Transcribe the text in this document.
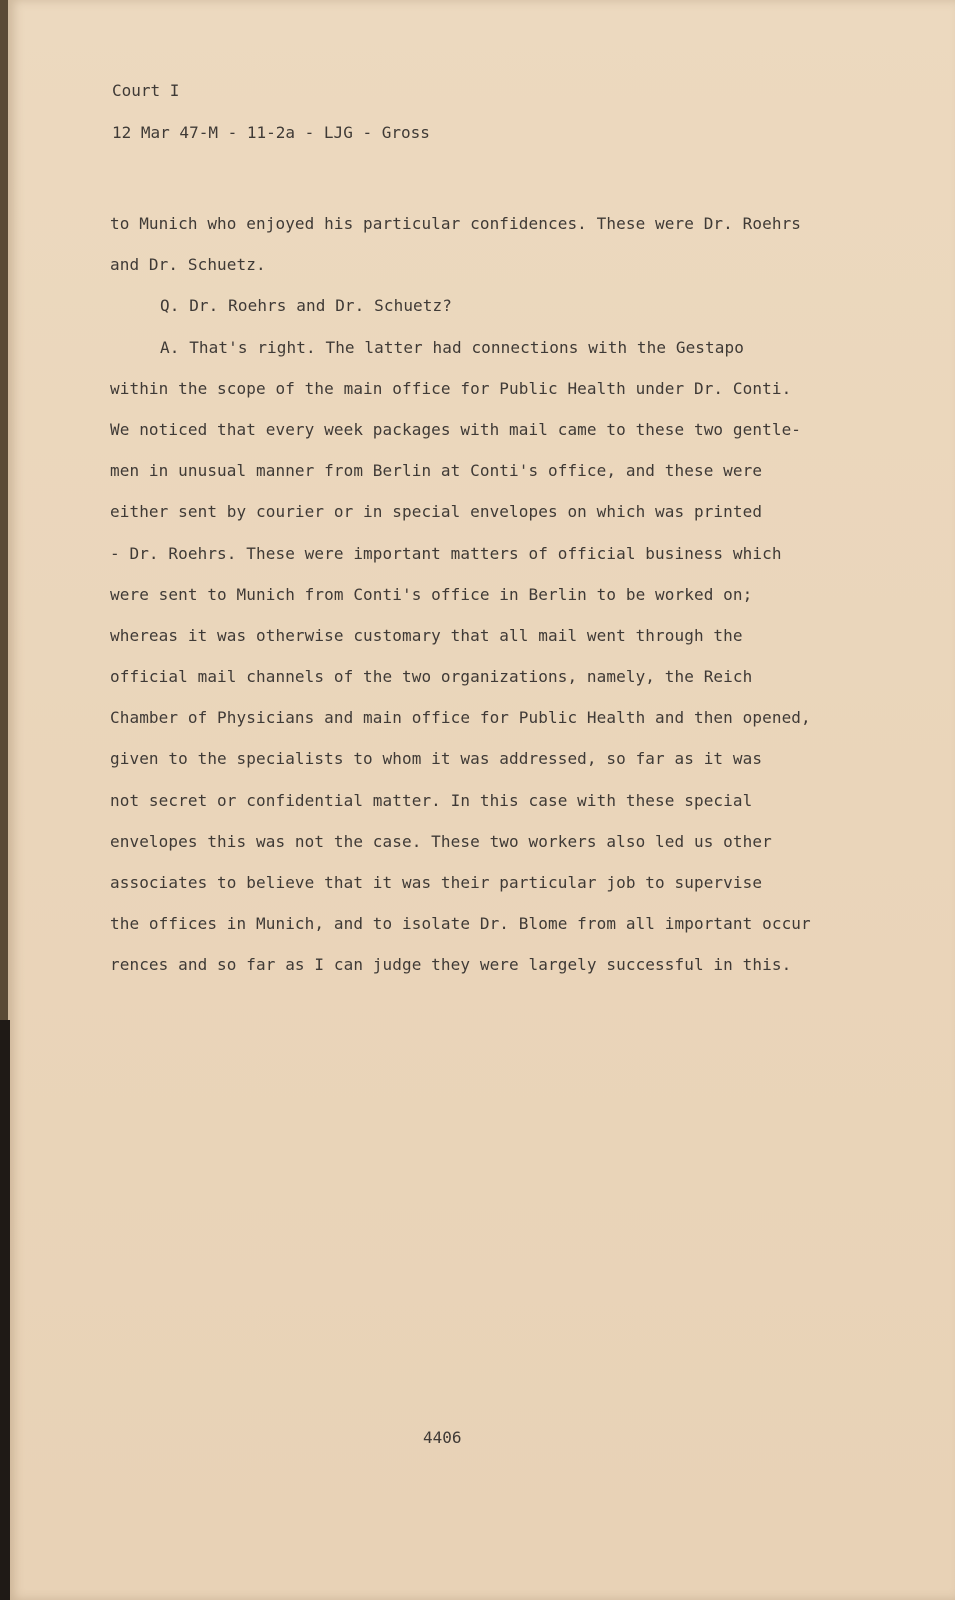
Court I
12 Mar 47-M - 11-2a - LJG - Gross
to Munich who enjoyed his particular confidences. These were Dr. Roehrs
and Dr. Schuetz.
Q. Dr. Roehrs and Dr. Schuetz?
A. That's right. The latter had connections with the Gestapo
within the scope of the main office for Public Health under Dr. Conti.
We noticed that every week packages with mail came to these two gentle-
men in unusual manner from Berlin at Conti's office, and these were
either sent by courier or in special envelopes on which was printed
- Dr. Roehrs. These were important matters of official business which
were sent to Munich from Conti's office in Berlin to be worked on;
whereas it was otherwise customary that all mail went through the
official mail channels of the two organizations, namely, the Reich
Chamber of Physicians and main office for Public Health and then opened,
given to the specialists to whom it was addressed, so far as it was
not secret or confidential matter. In this case with these special
envelopes this was not the case. These two workers also led us other
associates to believe that it was their particular job to supervise
the offices in Munich, and to isolate Dr. Blome from all important occur
rences and so far as I can judge they were largely successful in this.
4406
